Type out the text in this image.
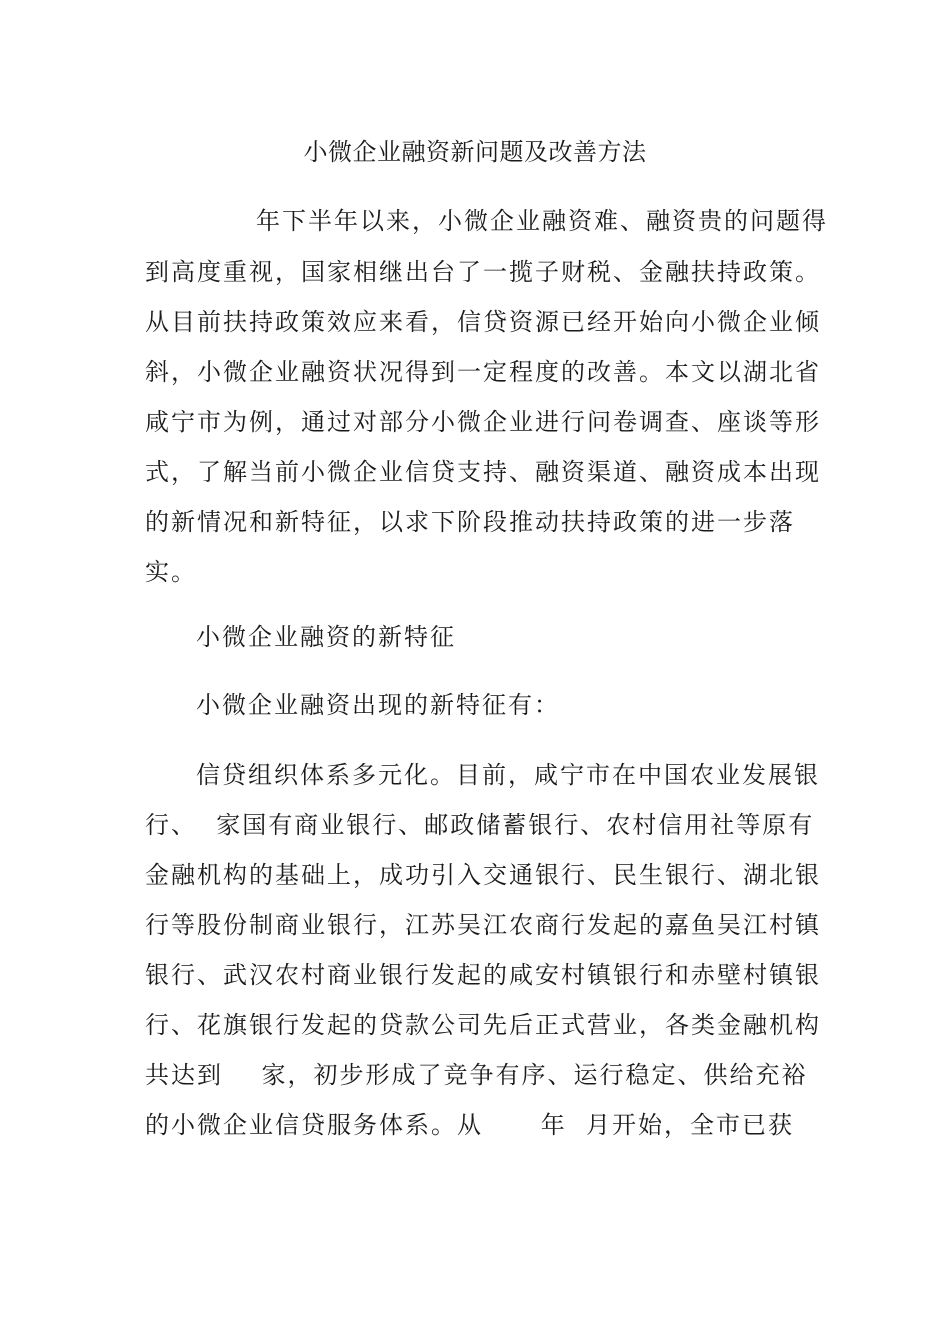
小微企业融资新问题及改善方法
年下半年以来，小微企业融资难、融资贵的问题得
到高度重视，国家相继出台了一揽子财税、金融扶持政策。
从目前扶持政策效应来看，信贷资源已经开始向小微企业倾
斜，小微企业融资状况得到一定程度的改善。本文以湖北省
咸宁市为例，通过对部分小微企业进行问卷调查、座谈等形
式，了解当前小微企业信贷支持、融资渠道、融资成本出现
的新情况和新特征，以求下阶段推动扶持政策的进一步落
实。
小微企业融资的新特征
小微企业融资出现的新特征有：
信贷组织体系多元化。目前，咸宁市在中国农业发展银
行、  家国有商业银行、邮政储蓄银行、农村信用社等原有
金融机构的基础上，成功引入交通银行、民生银行、湖北银
行等股份制商业银行，江苏吴江农商行发起的嘉鱼吴江村镇
银行、武汉农村商业银行发起的咸安村镇银行和赤壁村镇银
行、花旗银行发起的贷款公司先后正式营业，各类金融机构
共达到    家，初步形成了竞争有序、运行稳定、供给充裕
的小微企业信贷服务体系。从      年  月开始，全市已获
